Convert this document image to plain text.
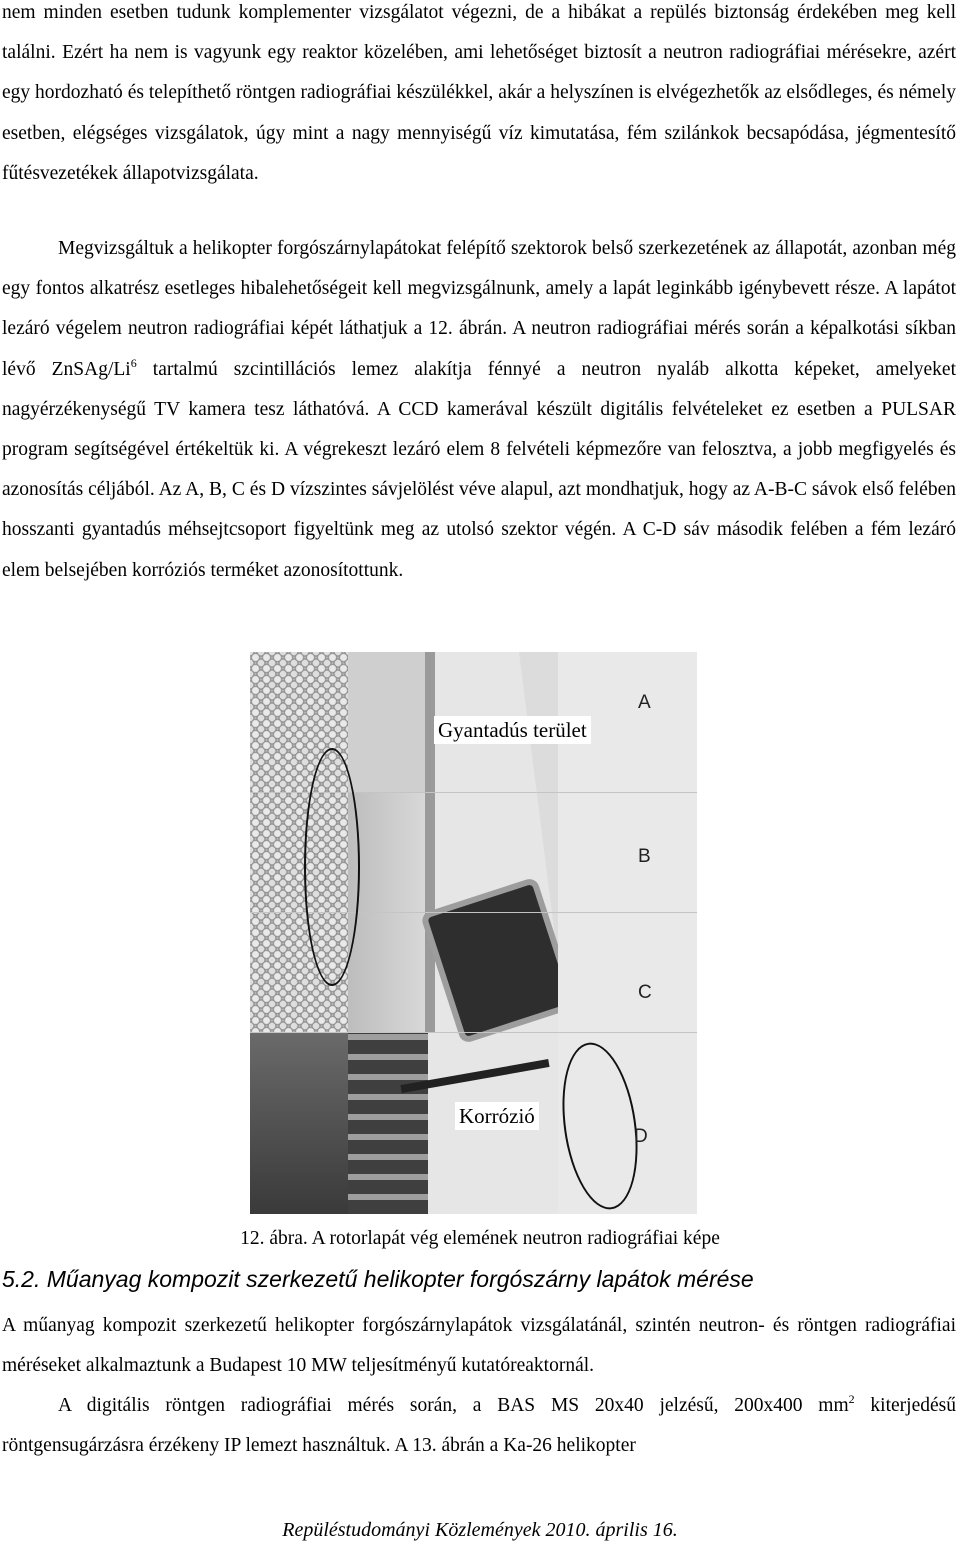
nem minden esetben tudunk komplementer vizsgálatot végezni, de a hibákat a repülés biztonság érdekében meg kell találni. Ezért ha nem is vagyunk egy reaktor közelében, ami lehetőséget biztosít a neutron radiográfiai mérésekre, azért egy hordozható és telepíthető röntgen radiográfiai készülékkel, akár a helyszínen is elvégezhetők az elsődleges, és némely esetben, elégséges vizsgálatok, úgy mint a nagy mennyiségű víz kimutatása, fém szilánkok becsapódása, jégmentesítő fűtésvezetékek állapotvizsgálata.

Megvizsgáltuk a helikopter forgószárnylapátokat felépítő szektorok belső szerkezetének az állapotát, azonban még egy fontos alkatrész esetleges hibalehetőségeit kell megvizsgálnunk, amely a lapát leginkább igénybevett része. A lapátot lezáró végelem neutron radiográfiai képét láthatjuk a 12. ábrán. A neutron radiográfiai mérés során a képalkotási síkban lévő ZnSAg/Li$^6$ tartalmú szcintillációs lemez alakítja fénnyé a neutron nyaláb alkotta képeket, amelyeket nagyérzékenységű TV kamera tesz láthatóvá. A CCD kamerával készült digitális felvételeket ez esetben a PULSAR program segítségével értékeltük ki. A végrekeszt lezáró elem 8 felvételi képmezőre van felosztva, a jobb megfigyelés és azonosítás céljából. Az A, B, C és D vízszintes sávjelölést véve alapul, azt mondhatjuk, hogy az A-B-C sávok első felében hosszanti gyantadús méhsejtcsoport figyeltünk meg az utolsó szektor végén. A C-D sáv második felében a fém lezáró elem belsejében korróziós terméket azonosítottunk.

Gyantadús terület
Korrózió
A
B
C
D
12. ábra. A rotorlapát vég elemének neutron radiográfiai képe
5.2. Műanyag kompozit szerkezetű helikopter forgószárny lapátok mérése

A műanyag kompozit szerkezetű helikopter forgószárnylapátok vizsgálatánál, szintén neutron- és röntgen radiográfiai méréseket alkalmaztunk a Budapest 10 MW teljesítményű kutatóreaktornál.

A digitális röntgen radiográfiai mérés során, a BAS MS 20x40 jelzésű, 200x400 $mm^2$ kiterjedésű röntgensugárzásra érzékeny IP lemezt használtuk. A 13. ábrán a Ka-26 helikopter

Repüléstudományi Közlemények 2010. április 16.
